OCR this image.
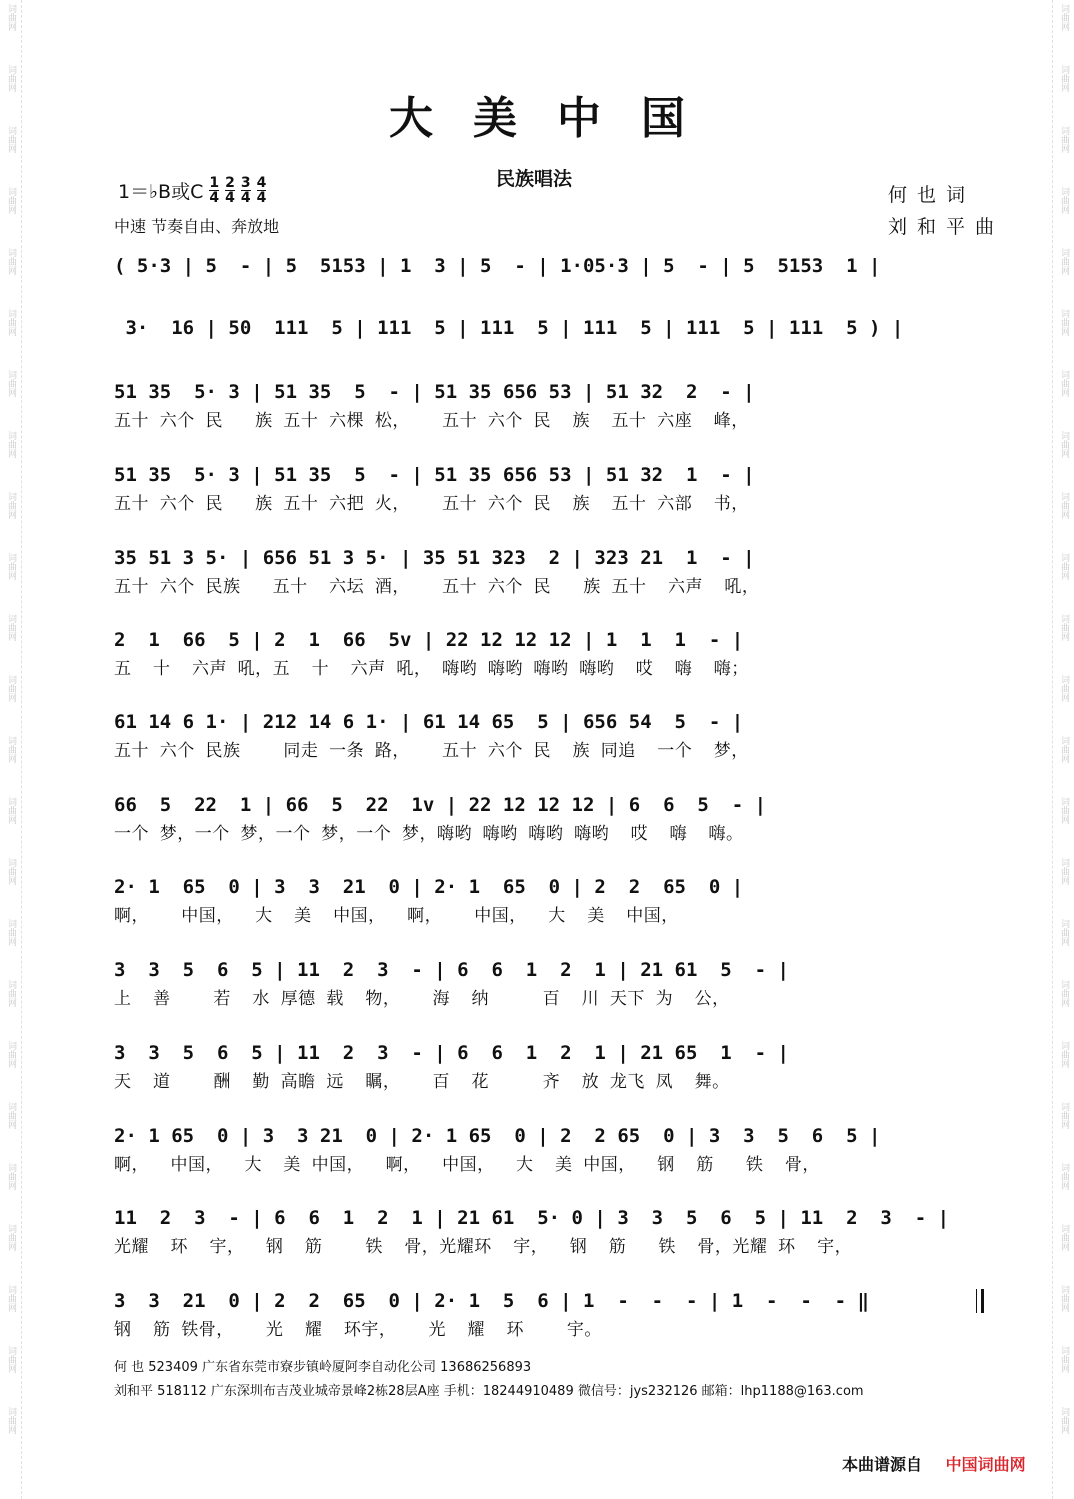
词曲网
词曲网
词曲网
词曲网
词曲网
词曲网
词曲网
词曲网
词曲网
词曲网
词曲网
词曲网
词曲网
词曲网
词曲网
词曲网
词曲网
词曲网
词曲网
词曲网
词曲网
词曲网
词曲网
词曲网
词曲网
词曲网
词曲网
词曲网
词曲网
词曲网
词曲网
词曲网
词曲网
词曲网
词曲网
词曲网
词曲网
词曲网
词曲网
词曲网
词曲网
词曲网
词曲网
词曲网
词曲网
词曲网
词曲网
词曲网
大美中国
民族唱法
1＝♭B或C $\frac{1}{4} \frac{2}{4} \frac{3}{4} \frac{4}{4}$
中速 节奏自由、奔放地
何也词
刘和平曲
( 5·3 | 5  - | 5  5153 | 1  3 | 5  - | 1·05·3 | 5  - | 5  5153  1 |
3·  16 | 50  111  5 | 111  5 | 111  5 | 111  5 | 111  5 | 111  5 ) |
51 35  5· 3 | 51 35  5  - | 51 35 656 53 | 51 32  2  - |
五十 六个 民   族 五十 六棵 松，   五十 六个 民  族  五十 六座  峰，
51 35  5· 3 | 51 35  5  - | 51 35 656 53 | 51 32  1  - |
五十 六个 民   族 五十 六把 火，   五十 六个 民  族  五十 六部  书，
35 51 3 5· | 656 51 3 5· | 35 51 323  2 | 323 21  1  - |
五十 六个 民族   五十  六坛 酒，   五十 六个 民   族 五十  六声  吼，
2  1  66  5 | 2  1  66  5v | 22 12 12 12 | 1  1  1  - |
五  十  六声 吼，五  十  六声 吼， 嗨哟 嗨哟 嗨哟 嗨哟  哎  嗨  嗨；
61 14 6 1· | 212 14 6 1· | 61 14 65  5 | 656 54  5  - |
五十 六个 民族    同走 一条 路，   五十 六个 民  族 同追  一个  梦，
66  5  22  1 | 66  5  22  1v | 22 12 12 12 | 6  6  5  - |
一个 梦，一个 梦，一个 梦，一个 梦，嗨哟 嗨哟 嗨哟 嗨哟  哎  嗨  嗨。
2· 1  65  0 | 3  3  21  0 | 2· 1  65  0 | 2  2  65  0 |
啊，   中国，  大  美  中国，  啊，   中国，  大  美  中国，
3  3  5  6  5 | 11  2  3  - | 6  6  1  2  1 | 21 61  5  - |
上  善    若  水 厚德 载  物，   海  纳     百  川 天下 为  公，
3  3  5  6  5 | 11  2  3  - | 6  6  1  2  1 | 21 65  1  - |
天  道    酬  勤 高瞻 远  瞩，   百  花     齐  放 龙飞 凤  舞。
2· 1 65  0 | 3  3 21  0 | 2· 1 65  0 | 2  2 65  0 | 3  3  5  6  5 |
啊，  中国，  大  美 中国，  啊，  中国，  大  美 中国，  钢  筋   铁  骨，
11  2  3  - | 6  6  1  2  1 | 21 61  5· 0 | 3  3  5  6  5 | 11  2  3  - |
光耀  环  宇，  钢  筋    铁  骨，光耀环  宇，  钢  筋   铁  骨，光耀 环  宇，
3  3  21  0 | 2  2  65  0 | 2· 1  5  6 | 1  -  -  - | 1  -  -  - ‖
钢  筋 铁骨，   光  耀  环宇，   光  耀  环    宇。
何 也 523409 广东省东莞市寮步镇岭厦阿李自动化公司 13686256893
刘和平 518112 广东深圳布吉茂业城帝景峰2栋28层A座 手机：18244910489 微信号：jys232126 邮箱：lhp1188@163.com
本曲谱源自 中国词曲网
